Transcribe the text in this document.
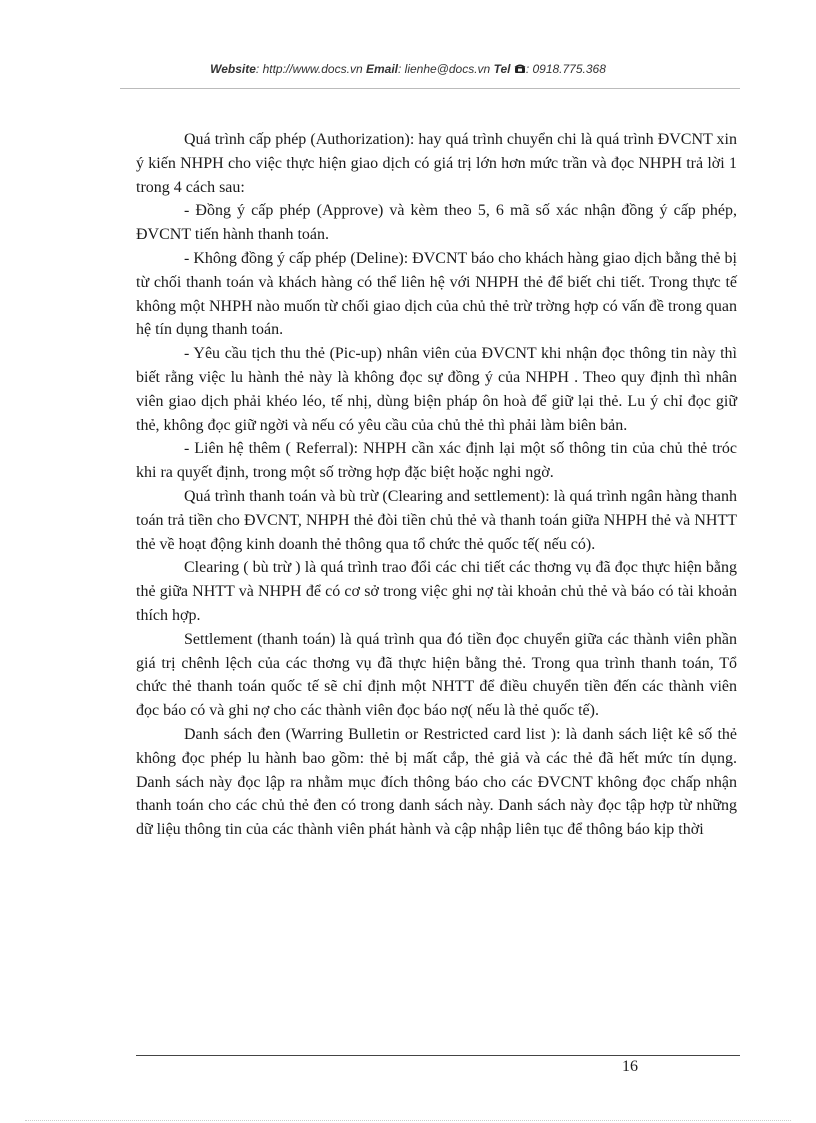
Website: http://www.docs.vn Email: lienhe@docs.vn Tel : 0918.775.368

Quá trình cấp phép (Authorization): hay quá trình chuyển chi là quá trình ĐVCNT xin ý kiến NHPH cho việc thực hiện giao dịch có giá trị lớn hơn mức trần và đọc NHPH trả lời 1 trong 4 cách sau:

- Đồng ý cấp phép (Approve) và kèm theo 5, 6 mã số xác nhận đồng ý cấp phép, ĐVCNT tiến hành thanh toán.

- Không đồng ý cấp phép (Deline): ĐVCNT báo cho khách hàng giao dịch bằng thẻ bị từ chối thanh toán và khách hàng có thể liên hệ với NHPH thẻ để biết chi tiết. Trong thực tế không một NHPH nào muốn từ chối giao dịch của chủ thẻ trừ trờng hợp có vấn đề trong quan hệ tín dụng thanh toán.

- Yêu cầu tịch thu thẻ (Pic-up) nhân viên của ĐVCNT khi nhận đọc thông tin này thì biết rằng việc lu hành thẻ này là không đọc sự đồng ý của NHPH . Theo quy định thì nhân viên giao dịch phải khéo léo, tế nhị, dùng biện pháp ôn hoà để giữ lại thẻ. Lu ý chỉ đọc giữ thẻ, không đọc giữ ngời và nếu có yêu cầu của chủ thẻ thì phải làm biên bản.

- Liên hệ thêm ( Referral): NHPH cần xác định lại một số thông tin của chủ thẻ tróc khi ra quyết định, trong một số trờng hợp đặc biệt hoặc nghi ngờ.

Quá trình thanh toán và bù trừ (Clearing and settlement): là quá trình ngân hàng thanh toán trả tiền cho ĐVCNT, NHPH thẻ đòi tiền chủ thẻ và thanh toán giữa NHPH thẻ và NHTT thẻ về hoạt động kinh doanh thẻ thông qua tổ chức thẻ quốc tế( nếu có).

Clearing ( bù trừ ) là quá trình trao đổi các chi tiết các thơng vụ đã đọc thực hiện bằng thẻ giữa NHTT và NHPH để có cơ sở trong việc ghi nợ tài khoản chủ thẻ và báo có tài khoản thích hợp.

Settlement (thanh toán) là quá trình qua đó tiền đọc chuyển giữa các thành viên phần giá trị chênh lệch của các thơng vụ đã thực hiện bằng thẻ. Trong qua trình thanh toán, Tổ chức thẻ thanh toán quốc tế sẽ chỉ định một NHTT để điều chuyển tiền đến các thành viên đọc báo có và ghi nợ cho các thành viên đọc báo nợ( nếu là thẻ quốc tế).

Danh sách đen (Warring Bulletin or Restricted card list ): là danh sách liệt kê số thẻ không đọc phép lu hành bao gồm: thẻ bị mất cắp, thẻ giả và các thẻ đã hết mức tín dụng. Danh sách này đọc lập ra nhằm mục đích thông báo cho các ĐVCNT không đọc chấp nhận thanh toán cho các chủ thẻ đen có trong danh sách này. Danh sách này đọc tập hợp từ những dữ liệu thông tin của các thành viên phát hành và cập nhập liên tục để thông báo kịp thời

16
